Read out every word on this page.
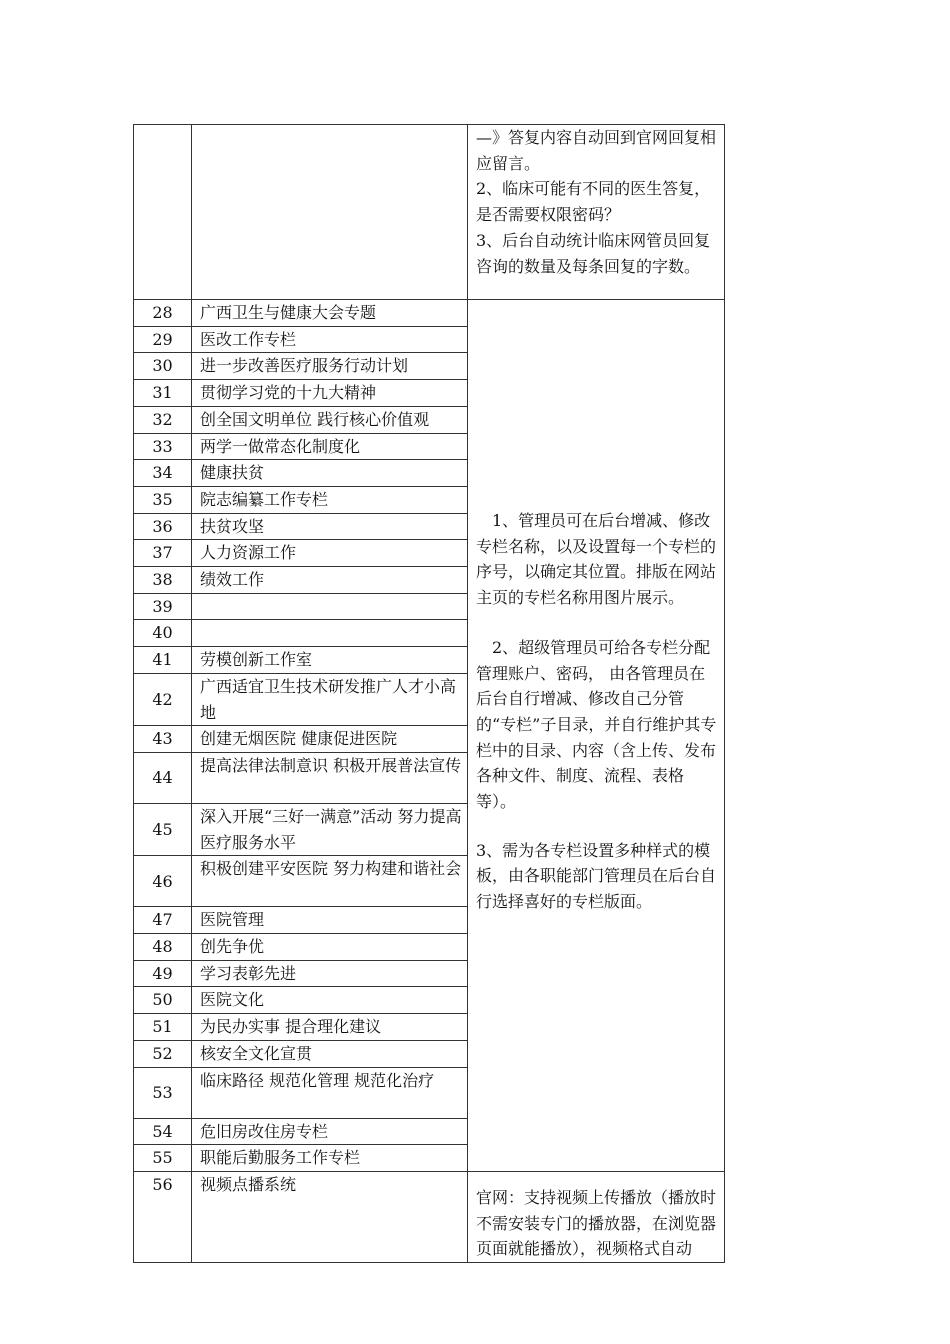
		—》答复内容自动回到官网回复相应留言。

2、临床可能有不同的医生答复，是否需要权限密码？

3、后台自动统计临床网管员回复咨询的数量及每条回复的字数。

28	广西卫生与健康大会专题	1、管理员可在后台增减、修改专栏名称，以及设置每一个专栏的序号，以确定其位置。排版在网站主页的专栏名称用图片展示。

2、超级管理员可给各专栏分配管理账户、密码， 由各管理员在后台自行增减、修改自己分管的“专栏”子目录，并自行维护其专栏中的目录、内容（含上传、发布各种文件、制度、流程、表格等）。

3、需为各专栏设置多种样式的模板，由各职能部门管理员在后台自行选择喜好的专栏版面。

29	医改工作专栏	
30	进一步改善医疗服务行动计划	
31	贯彻学习党的十九大精神	
32	创全国文明单位 践行核心价值观	
33	两学一做常态化制度化	
34	健康扶贫	
35	院志编纂工作专栏	
36	扶贫攻坚	
37	人力资源工作	
38	绩效工作	
39		
40		
41	劳模创新工作室	
42	广西适宜卫生技术研发推广人才小高地	
43	创建无烟医院 健康促进医院	
44	提高法律法制意识 积极开展普法宣传	
45	深入开展“三好一满意”活动 努力提高医疗服务水平	
46	积极创建平安医院 努力构建和谐社会	
47	医院管理	
48	创先争优	
49	学习表彰先进	
50	医院文化	
51	为民办实事 提合理化建议	
52	核安全文化宣贯	
53	临床路径 规范化管理 规范化治疗	
54	危旧房改住房专栏	
55	职能后勤服务工作专栏	
56	视频点播系统	官网：支持视频上传播放（播放时不需安装专门的播放器，在浏览器页面就能播放），视频格式自动
